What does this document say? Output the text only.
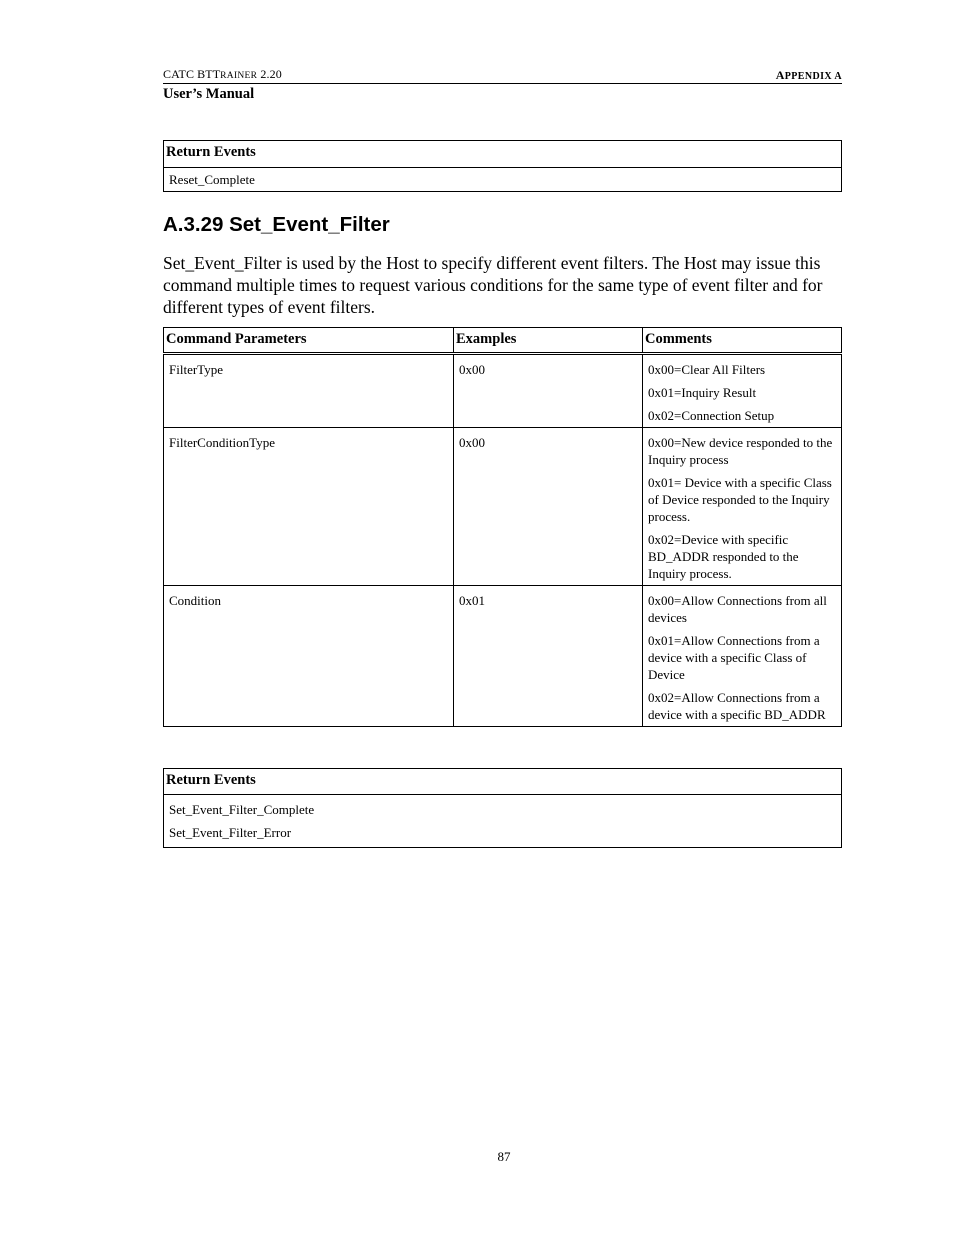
CATC BTTRAINER 2.20	APPENDIX A
User’s Manual
Return Events
Reset_Complete
A.3.29 Set_Event_Filter

Set_Event_Filter is used by the Host to specify different event filters. The Host may issue this command multiple times to request various conditions for the same type of event filter and for different types of event filters.

Command Parameters	Examples	Comments
FilterType	0x00	0x00=Clear All Filters

0x01=Inquiry Result

0x02=Connection Setup

FilterConditionType	0x00	0x00=New device responded to the Inquiry process

0x01= Device with a specific Class of Device responded to the Inquiry process.

0x02=Device with specific BD_ADDR responded to the Inquiry process.

Condition	0x01	0x00=Allow Connections from all devices

0x01=Allow Connections from a device with a specific Class of Device

0x02=Allow Connections from a device with a specific BD_ADDR

Return Events

Set_Event_Filter_Complete
Set_Event_Filter_Error
87
